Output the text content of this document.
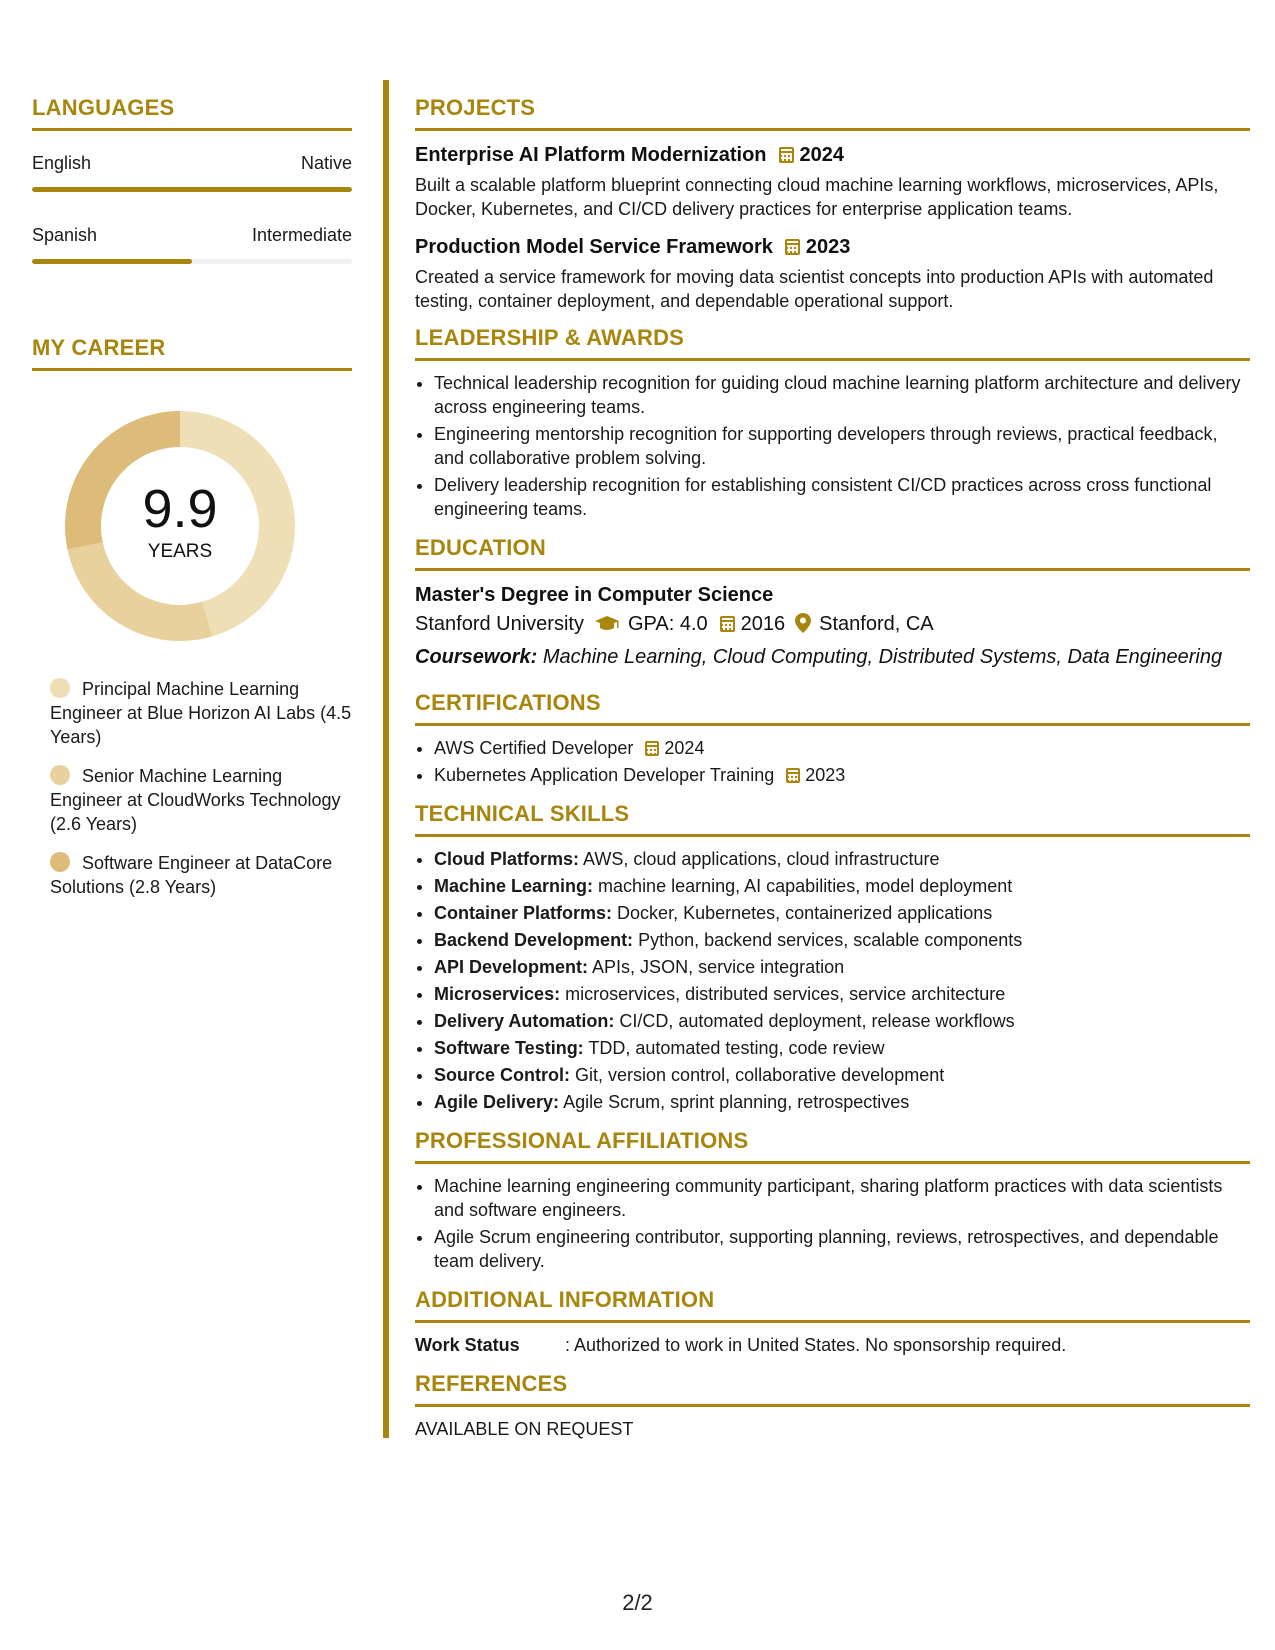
LANGUAGES
English	Native
Spanish	Intermediate
MY CAREER
9.9
YEARS
Principal Machine Learning Engineer at Blue Horizon AI Labs (4.5 Years)
Senior Machine Learning Engineer at CloudWorks Technology (2.6 Years)
Software Engineer at DataCore Solutions (2.8 Years)
PROJECTS
Enterprise AI Platform Modernization 2024

Built a scalable platform blueprint connecting cloud machine learning workflows, microservices, APIs, Docker, Kubernetes, and CI/CD delivery practices for enterprise application teams.

Production Model Service Framework 2023

Created a service framework for moving data scientist concepts into production APIs with automated testing, container deployment, and dependable operational support.

LEADERSHIP & AWARDS
• Technical leadership recognition for guiding cloud machine learning platform architecture and delivery across engineering teams.
• Engineering mentorship recognition for supporting developers through reviews, practical feedback, and collaborative problem solving.
• Delivery leadership recognition for establishing consistent CI/CD practices across cross functional engineering teams.
EDUCATION
Master's Degree in Computer Science
Stanford University GPA: 4.0 2016 Stanford, CA
Coursework: Machine Learning, Cloud Computing, Distributed Systems, Data Engineering
CERTIFICATIONS
• AWS Certified Developer 2024
• Kubernetes Application Developer Training 2023
TECHNICAL SKILLS
• Cloud Platforms: AWS, cloud applications, cloud infrastructure
• Machine Learning: machine learning, AI capabilities, model deployment
• Container Platforms: Docker, Kubernetes, containerized applications
• Backend Development: Python, backend services, scalable components
• API Development: APIs, JSON, service integration
• Microservices: microservices, distributed services, service architecture
• Delivery Automation: CI/CD, automated deployment, release workflows
• Software Testing: TDD, automated testing, code review
• Source Control: Git, version control, collaborative development
• Agile Delivery: Agile Scrum, sprint planning, retrospectives
PROFESSIONAL AFFILIATIONS
• Machine learning engineering community participant, sharing platform practices with data scientists and software engineers.
• Agile Scrum engineering contributor, supporting planning, reviews, retrospectives, and dependable team delivery.
ADDITIONAL INFORMATION
Work Status	: Authorized to work in United States. No sponsorship required.
REFERENCES
AVAILABLE ON REQUEST
2/2
